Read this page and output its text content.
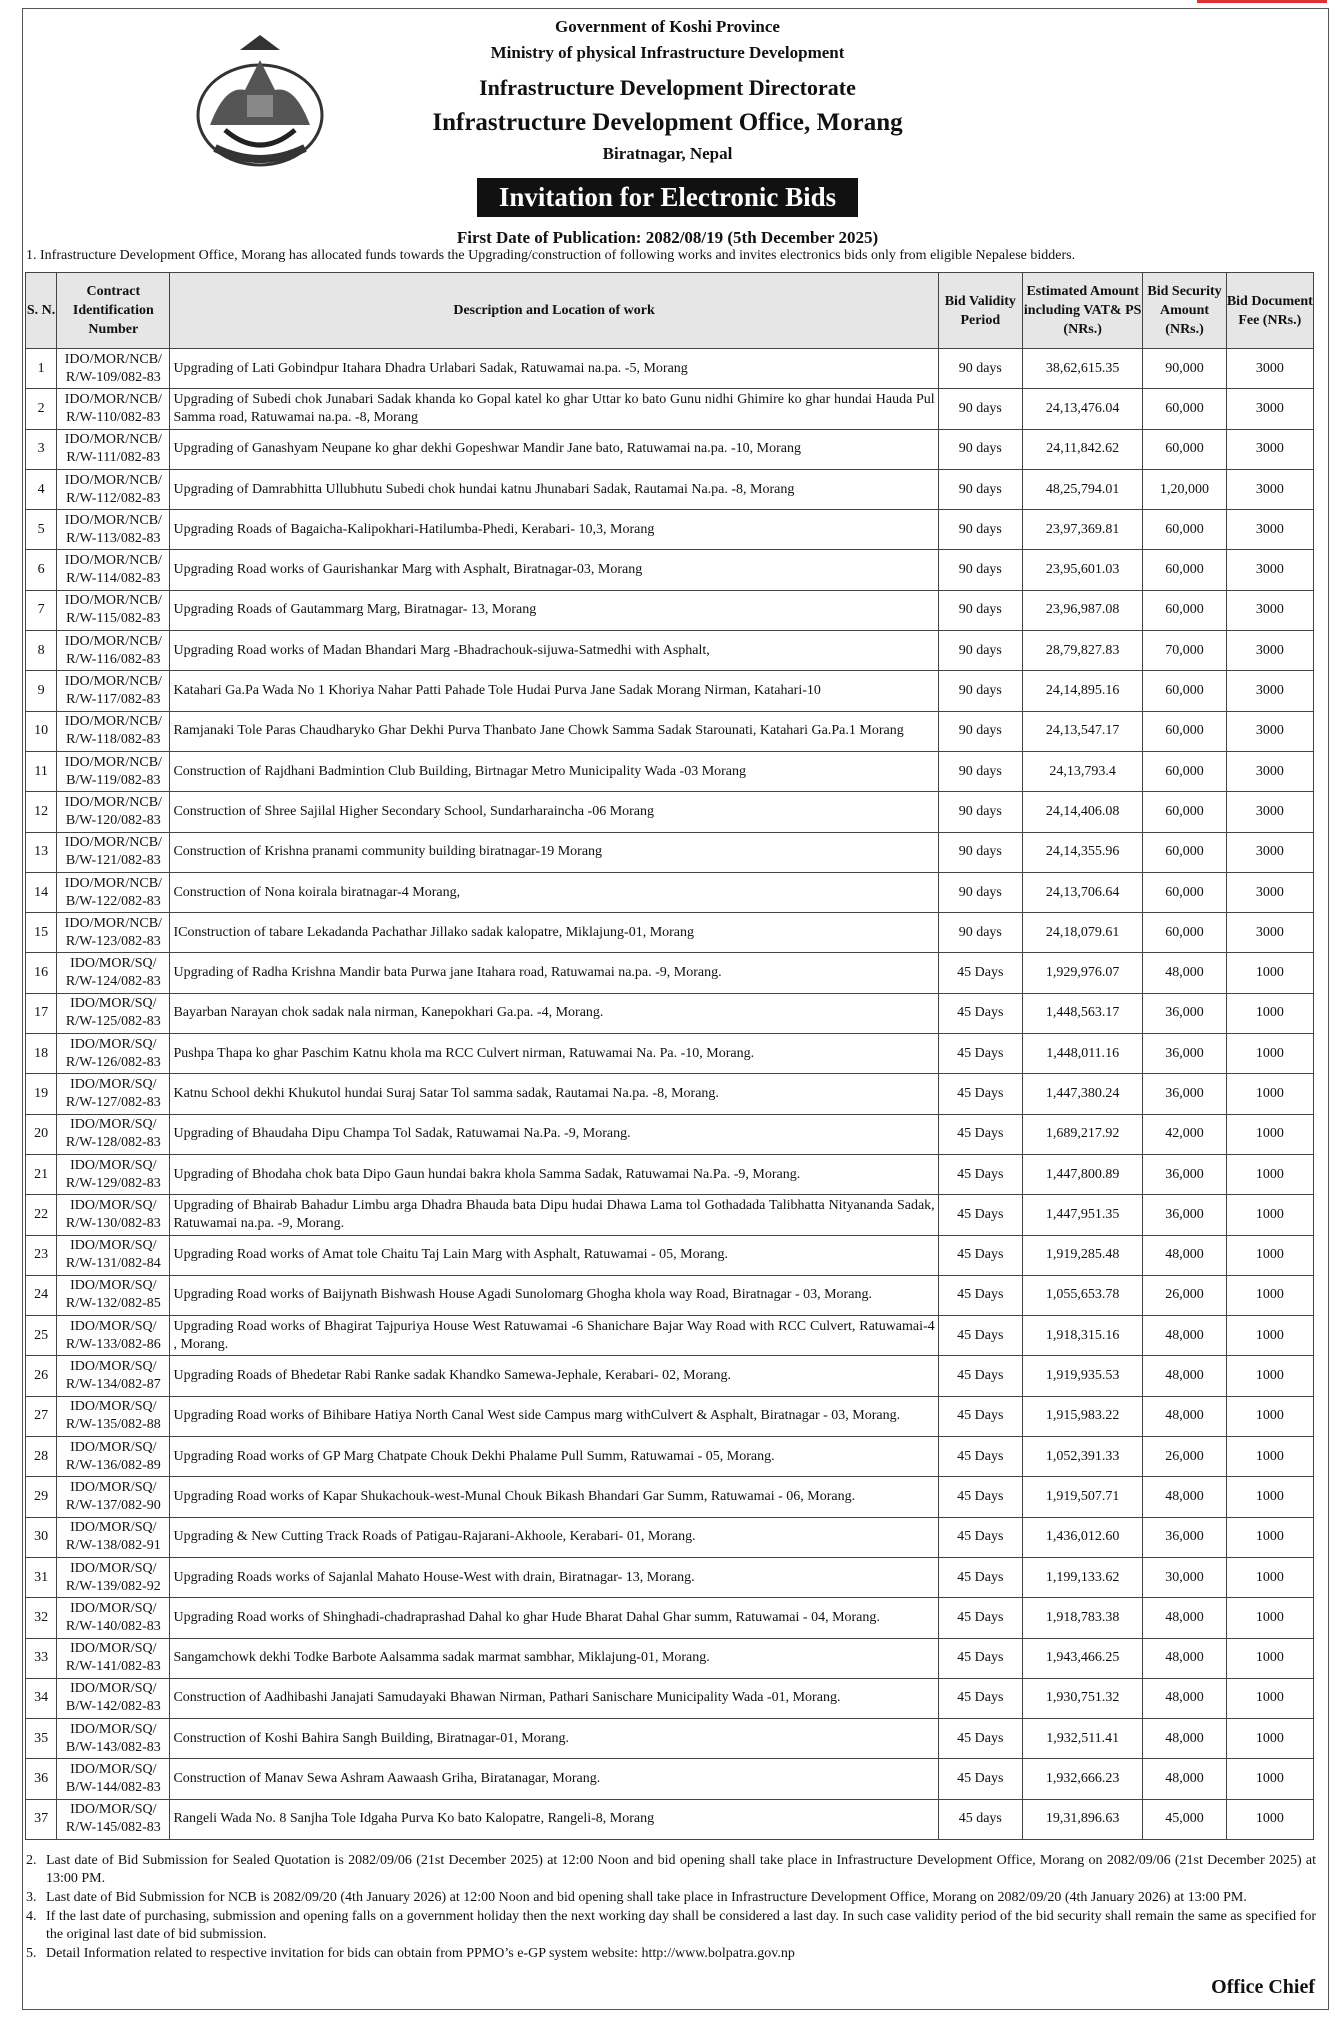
Government of Koshi Province
Ministry of physical Infrastructure Development
Infrastructure Development Directorate
Infrastructure Development Office, Morang
Biratnagar, Nepal
Invitation for Electronic Bids
First Date of Publication: 2082/08/19 (5th December 2025)
1. Infrastructure Development Office, Morang has allocated funds towards the Upgrading/construction of following works and invites electronics bids only from eligible Nepalese bidders.
S. N.	Contract Identification Number	Description and Location of work	Bid Validity Period	Estimated Amount including VAT& PS (NRs.)	Bid Security Amount (NRs.)	Bid Document Fee (NRs.)
1	IDO/MOR/NCB/ R/W-109/082-83	Upgrading of Lati Gobindpur Itahara Dhadra Urlabari Sadak, Ratuwamai na.pa. -5, Morang	90 days	38,62,615.35	90,000	3000
2	IDO/MOR/NCB/ R/W-110/082-83	Upgrading of Subedi chok Junabari Sadak khanda ko Gopal katel ko ghar Uttar ko bato Gunu nidhi Ghimire ko ghar hundai Hauda Pul Samma road, Ratuwamai na.pa. -8, Morang	90 days	24,13,476.04	60,000	3000
3	IDO/MOR/NCB/ R/W-111/082-83	Upgrading of Ganashyam Neupane ko ghar dekhi Gopeshwar Mandir Jane bato, Ratuwamai na.pa. -10, Morang	90 days	24,11,842.62	60,000	3000
4	IDO/MOR/NCB/ R/W-112/082-83	Upgrading of Damrabhitta Ullubhutu Subedi chok hundai katnu Jhunabari Sadak, Rautamai Na.pa. -8, Morang	90 days	48,25,794.01	1,20,000	3000
5	IDO/MOR/NCB/ R/W-113/082-83	Upgrading Roads of Bagaicha-Kalipokhari-Hatilumba-Phedi, Kerabari- 10,3, Morang	90 days	23,97,369.81	60,000	3000
6	IDO/MOR/NCB/ R/W-114/082-83	Upgrading Road works of Gaurishankar Marg with Asphalt, Biratnagar-03, Morang	90 days	23,95,601.03	60,000	3000
7	IDO/MOR/NCB/ R/W-115/082-83	Upgrading Roads of Gautammarg Marg, Biratnagar- 13, Morang	90 days	23,96,987.08	60,000	3000
8	IDO/MOR/NCB/ R/W-116/082-83	Upgrading Road works of Madan Bhandari Marg -Bhadrachouk-sijuwa-Satmedhi with Asphalt,	90 days	28,79,827.83	70,000	3000
9	IDO/MOR/NCB/ R/W-117/082-83	Katahari Ga.Pa Wada No 1 Khoriya Nahar Patti Pahade Tole Hudai Purva Jane Sadak Morang Nirman, Katahari-10	90 days	24,14,895.16	60,000	3000
10	IDO/MOR/NCB/ R/W-118/082-83	Ramjanaki Tole Paras Chaudharyko Ghar Dekhi Purva Thanbato Jane Chowk Samma Sadak Starounati, Katahari Ga.Pa.1 Morang	90 days	24,13,547.17	60,000	3000
11	IDO/MOR/NCB/ B/W-119/082-83	Construction of Rajdhani Badmintion Club Building, Birtnagar Metro Municipality Wada -03 Morang	90 days	24,13,793.4	60,000	3000
12	IDO/MOR/NCB/ B/W-120/082-83	Construction of Shree Sajilal Higher Secondary School, Sundarharaincha -06 Morang	90 days	24,14,406.08	60,000	3000
13	IDO/MOR/NCB/ B/W-121/082-83	Construction of Krishna pranami community building biratnagar-19 Morang	90 days	24,14,355.96	60,000	3000
14	IDO/MOR/NCB/ B/W-122/082-83	Construction of Nona koirala biratnagar-4 Morang,	90 days	24,13,706.64	60,000	3000
15	IDO/MOR/NCB/ R/W-123/082-83	IConstruction of tabare Lekadanda Pachathar Jillako sadak kalopatre, Miklajung-01, Morang	90 days	24,18,079.61	60,000	3000
16	IDO/MOR/SQ/ R/W-124/082-83	Upgrading of Radha Krishna Mandir bata Purwa jane Itahara road, Ratuwamai na.pa. -9, Morang.	45 Days	1,929,976.07	48,000	1000
17	IDO/MOR/SQ/ R/W-125/082-83	Bayarban Narayan chok sadak nala nirman, Kanepokhari Ga.pa. -4, Morang.	45 Days	1,448,563.17	36,000	1000
18	IDO/MOR/SQ/ R/W-126/082-83	Pushpa Thapa ko ghar Paschim Katnu khola ma RCC Culvert nirman, Ratuwamai Na. Pa. -10, Morang.	45 Days	1,448,011.16	36,000	1000
19	IDO/MOR/SQ/ R/W-127/082-83	Katnu School dekhi Khukutol hundai Suraj Satar Tol samma sadak, Rautamai Na.pa. -8, Morang.	45 Days	1,447,380.24	36,000	1000
20	IDO/MOR/SQ/ R/W-128/082-83	Upgrading of Bhaudaha Dipu Champa Tol Sadak, Ratuwamai Na.Pa. -9, Morang.	45 Days	1,689,217.92	42,000	1000
21	IDO/MOR/SQ/ R/W-129/082-83	Upgrading of Bhodaha chok bata Dipo Gaun hundai bakra khola Samma Sadak, Ratuwamai Na.Pa. -9, Morang.	45 Days	1,447,800.89	36,000	1000
22	IDO/MOR/SQ/ R/W-130/082-83	Upgrading of Bhairab Bahadur Limbu arga Dhadra Bhauda bata Dipu hudai Dhawa Lama tol Gothadada Talibhatta Nityananda Sadak, Ratuwamai na.pa. -9, Morang.	45 Days	1,447,951.35	36,000	1000
23	IDO/MOR/SQ/ R/W-131/082-84	Upgrading Road works of Amat tole Chaitu Taj Lain Marg with Asphalt, Ratuwamai - 05, Morang.	45 Days	1,919,285.48	48,000	1000
24	IDO/MOR/SQ/ R/W-132/082-85	Upgrading Road works of Baijynath Bishwash House Agadi Sunolomarg Ghogha khola way Road, Biratnagar - 03, Morang.	45 Days	1,055,653.78	26,000	1000
25	IDO/MOR/SQ/ R/W-133/082-86	Upgrading Road works of Bhagirat Tajpuriya House West Ratuwamai -6 Shanichare Bajar Way Road with RCC Culvert, Ratuwamai-4 , Morang.	45 Days	1,918,315.16	48,000	1000
26	IDO/MOR/SQ/ R/W-134/082-87	Upgrading Roads of Bhedetar Rabi Ranke sadak Khandko Samewa-Jephale, Kerabari- 02, Morang.	45 Days	1,919,935.53	48,000	1000
27	IDO/MOR/SQ/ R/W-135/082-88	Upgrading Road works of Bihibare Hatiya North Canal West side Campus marg withCulvert & Asphalt, Biratnagar - 03, Morang.	45 Days	1,915,983.22	48,000	1000
28	IDO/MOR/SQ/ R/W-136/082-89	Upgrading Road works of GP Marg Chatpate Chouk Dekhi Phalame Pull Summ, Ratuwamai - 05, Morang.	45 Days	1,052,391.33	26,000	1000
29	IDO/MOR/SQ/ R/W-137/082-90	Upgrading Road works of Kapar Shukachouk-west-Munal Chouk Bikash Bhandari Gar Summ, Ratuwamai - 06, Morang.	45 Days	1,919,507.71	48,000	1000
30	IDO/MOR/SQ/ R/W-138/082-91	Upgrading & New Cutting Track Roads of Patigau-Rajarani-Akhoole, Kerabari- 01, Morang.	45 Days	1,436,012.60	36,000	1000
31	IDO/MOR/SQ/ R/W-139/082-92	Upgrading Roads works of Sajanlal Mahato House-West with drain, Biratnagar- 13, Morang.	45 Days	1,199,133.62	30,000	1000
32	IDO/MOR/SQ/ R/W-140/082-83	Upgrading Road works of Shinghadi-chadraprashad Dahal ko ghar Hude Bharat Dahal Ghar summ, Ratuwamai - 04, Morang.	45 Days	1,918,783.38	48,000	1000
33	IDO/MOR/SQ/ R/W-141/082-83	Sangamchowk dekhi Todke Barbote Aalsamma sadak marmat sambhar, Miklajung-01, Morang.	45 Days	1,943,466.25	48,000	1000
34	IDO/MOR/SQ/ B/W-142/082-83	Construction of Aadhibashi Janajati Samudayaki Bhawan Nirman, Pathari Sanischare Municipality Wada -01, Morang.	45 Days	1,930,751.32	48,000	1000
35	IDO/MOR/SQ/ B/W-143/082-83	Construction of Koshi Bahira Sangh Building, Biratnagar-01, Morang.	45 Days	1,932,511.41	48,000	1000
36	IDO/MOR/SQ/ B/W-144/082-83	Construction of Manav Sewa Ashram Aawaash Griha, Biratanagar, Morang.	45 Days	1,932,666.23	48,000	1000
37	IDO/MOR/SQ/ R/W-145/082-83	Rangeli Wada No. 8 Sanjha Tole Idgaha Purva Ko bato Kalopatre, Rangeli-8, Morang	45 days	19,31,896.63	45,000	1000
2. Last date of Bid Submission for Sealed Quotation is 2082/09/06 (21st December 2025) at 12:00 Noon and bid opening shall take place in Infrastructure Development Office, Morang on 2082/09/06 (21st December 2025) at 13:00 PM.
3. Last date of Bid Submission for NCB is 2082/09/20 (4th January 2026) at 12:00 Noon and bid opening shall take place in Infrastructure Development Office, Morang on 2082/09/20 (4th January 2026) at 13:00 PM.
4. If the last date of purchasing, submission and opening falls on a government holiday then the next working day shall be considered a last day. In such case validity period of the bid security shall remain the same as specified for the original last date of bid submission.
5. Detail Information related to respective invitation for bids can obtain from PPMO’s e-GP system website: http://www.bolpatra.gov.np
Office Chief
